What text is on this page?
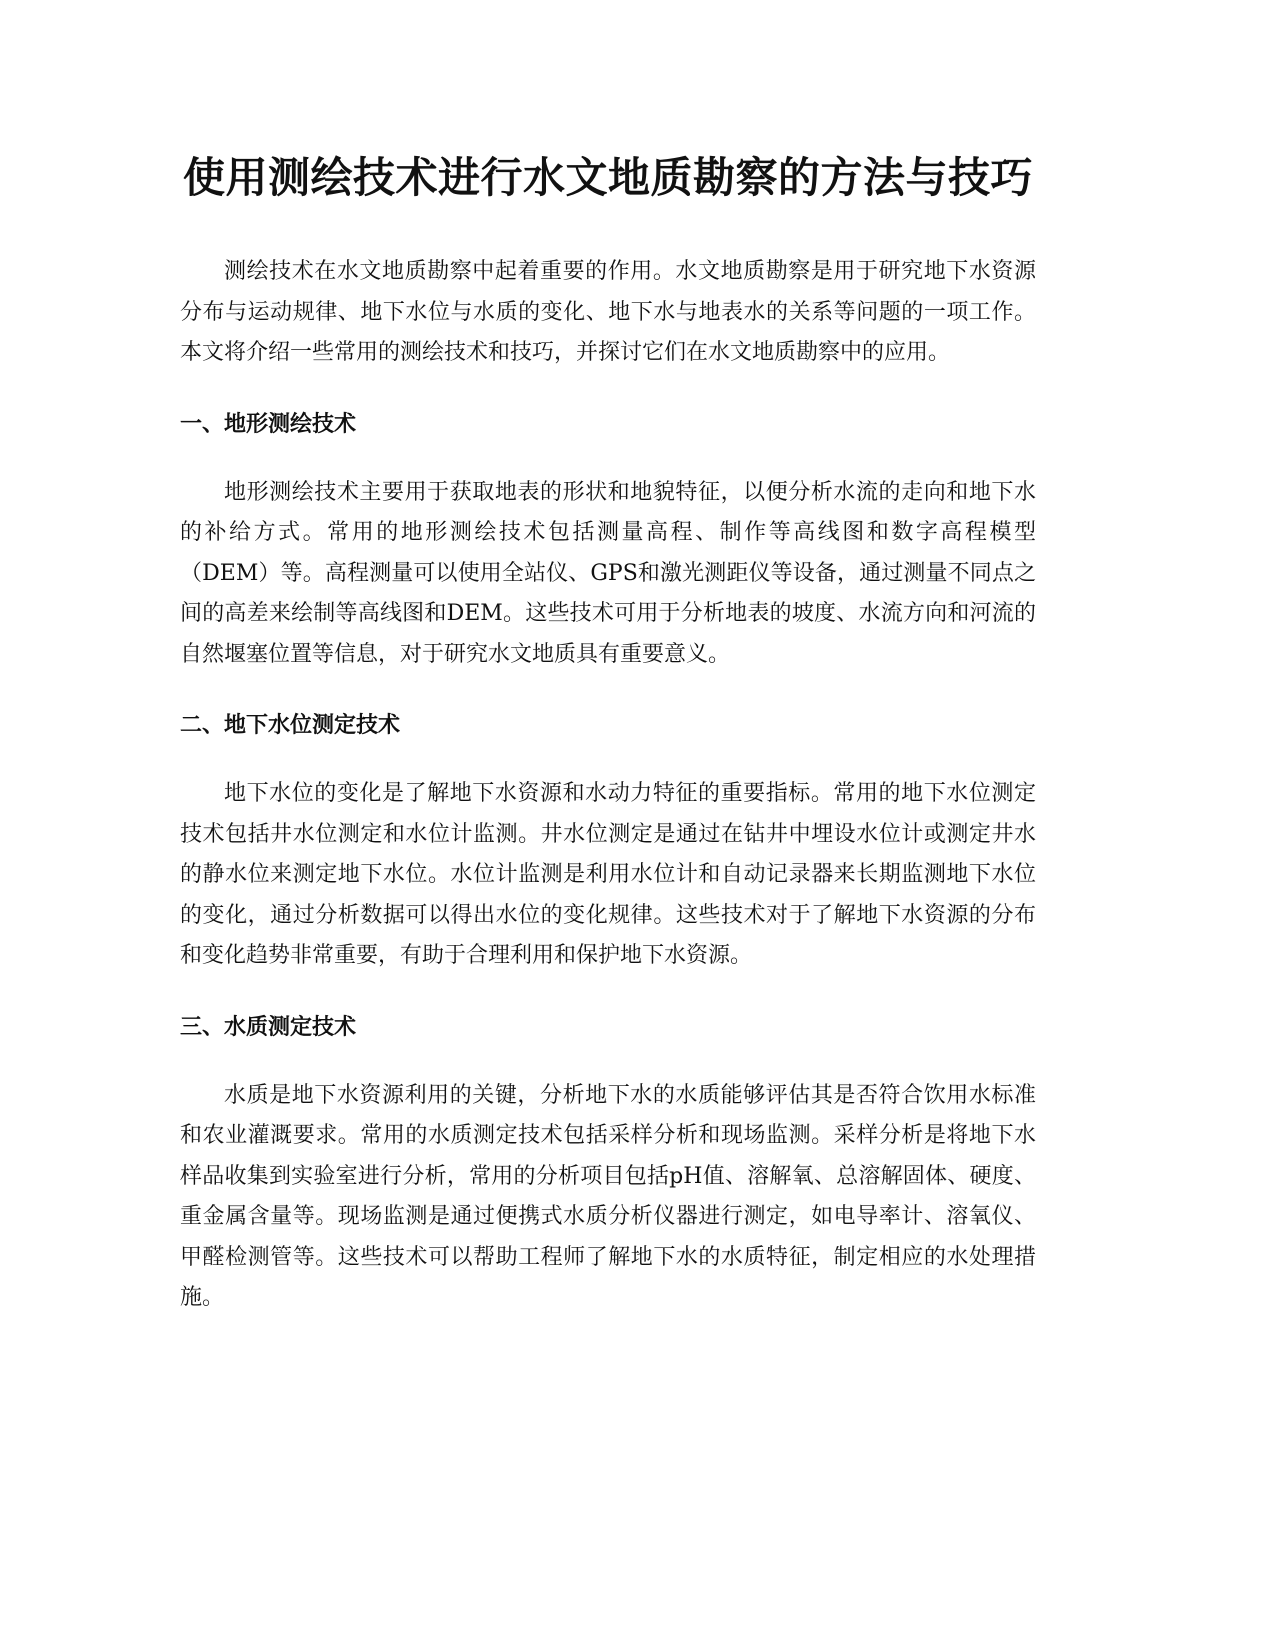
使用测绘技术进行水文地质勘察的方法与技巧

测绘技术在水文地质勘察中起着重要的作用。水文地质勘察是用于研究地下水资源分布与运动规律、地下水位与水质的变化、地下水与地表水的关系等问题的一项工作。本文将介绍一些常用的测绘技术和技巧，并探讨它们在水文地质勘察中的应用。

一、地形测绘技术

地形测绘技术主要用于获取地表的形状和地貌特征，以便分析水流的走向和地下水的补给方式。常用的地形测绘技术包括测量高程、制作等高线图和数字高程模型（DEM）等。高程测量可以使用全站仪、GPS和激光测距仪等设备，通过测量不同点之间的高差来绘制等高线图和DEM。这些技术可用于分析地表的坡度、水流方向和河流的自然堰塞位置等信息，对于研究水文地质具有重要意义。

二、地下水位测定技术

地下水位的变化是了解地下水资源和水动力特征的重要指标。常用的地下水位测定技术包括井水位测定和水位计监测。井水位测定是通过在钻井中埋设水位计或测定井水的静水位来测定地下水位。水位计监测是利用水位计和自动记录器来长期监测地下水位的变化，通过分析数据可以得出水位的变化规律。这些技术对于了解地下水资源的分布和变化趋势非常重要，有助于合理利用和保护地下水资源。

三、水质测定技术

水质是地下水资源利用的关键，分析地下水的水质能够评估其是否符合饮用水标准和农业灌溉要求。常用的水质测定技术包括采样分析和现场监测。采样分析是将地下水样品收集到实验室进行分析，常用的分析项目包括pH值、溶解氧、总溶解固体、硬度、重金属含量等。现场监测是通过便携式水质分析仪器进行测定，如电导率计、溶氧仪、甲醛检测管等。这些技术可以帮助工程师了解地下水的水质特征，制定相应的水处理措施。
